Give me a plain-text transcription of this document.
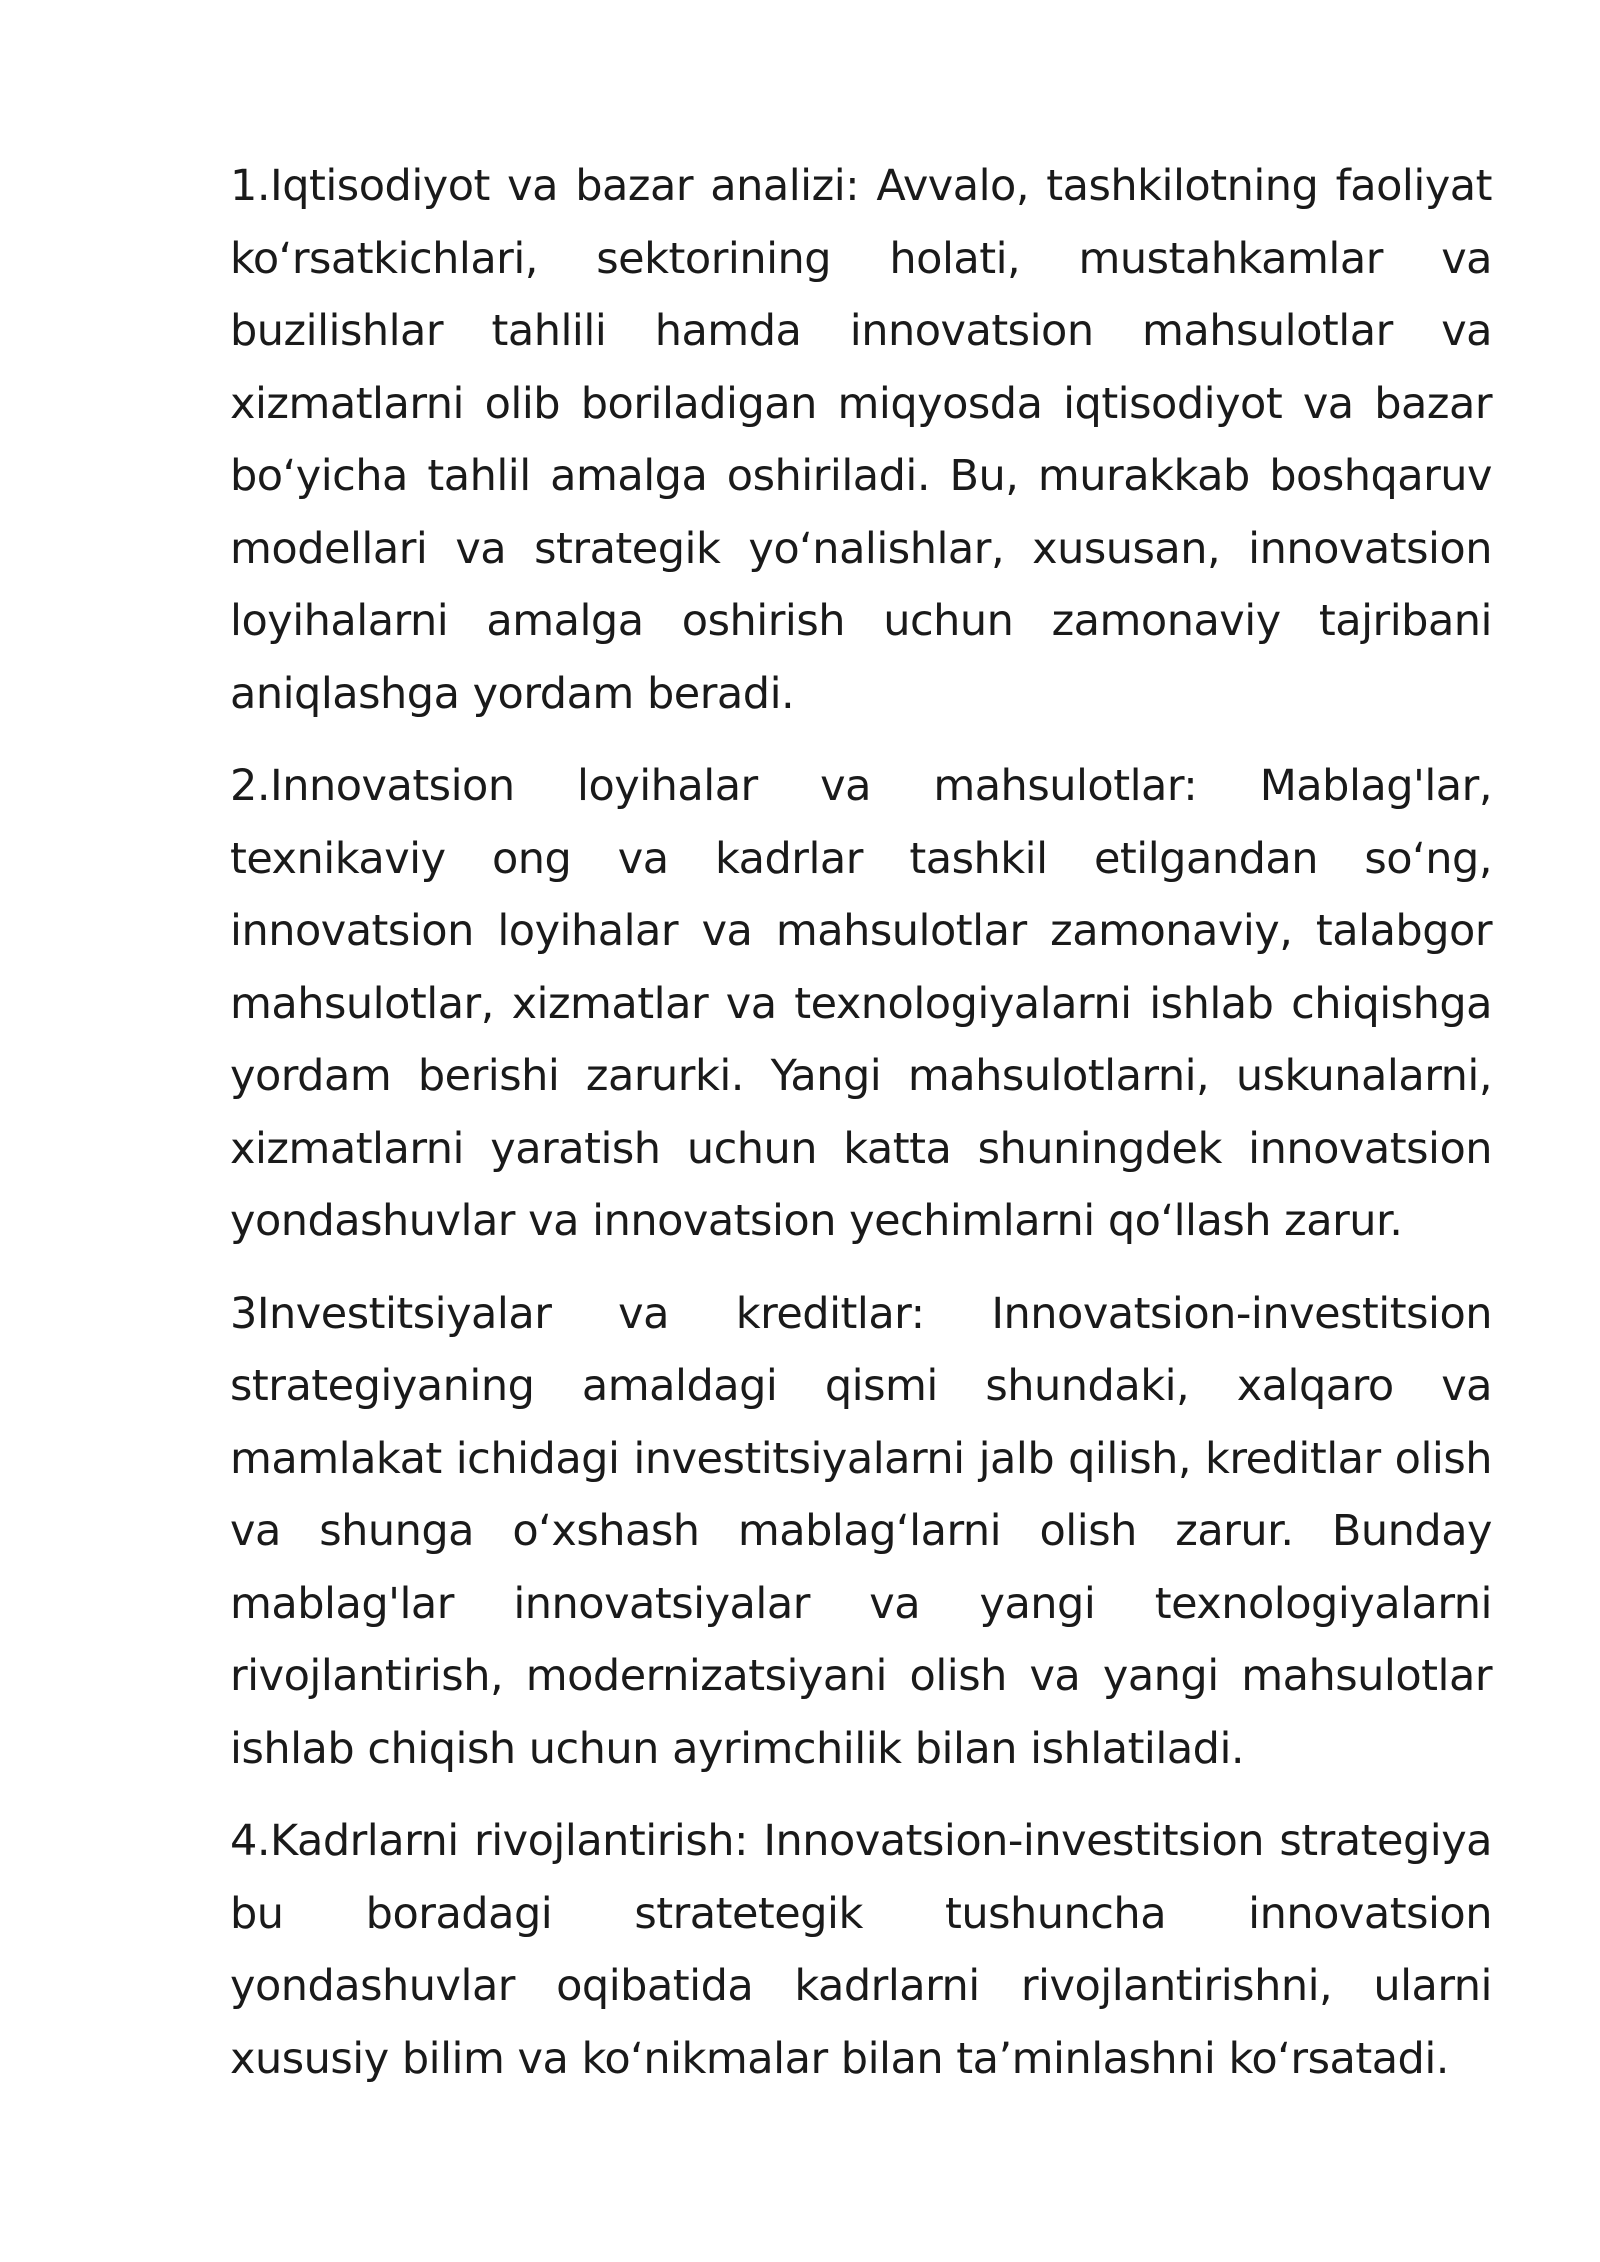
1.Iqtisodiyot va bazar analizi: Avvalo, tashkilotning faoliyat koʻrsatkichlari, sektorining holati, mustahkamlar va buzilishlar tahlili hamda innovatsion mahsulotlar va xizmatlarni olib boriladigan miqyosda iqtisodiyot va bazar boʻyicha tahlil amalga oshiriladi. Bu, murakkab boshqaruv modellari va strategik yoʻnalishlar, xususan, innovatsion loyihalarni amalga oshirish uchun zamonaviy tajribani aniqlashga yordam beradi.

2.Innovatsion loyihalar va mahsulotlar: Mablag'lar, texnikaviy ong va kadrlar tashkil etilgandan soʻng, innovatsion loyihalar va mahsulotlar zamonaviy, talabgor mahsulotlar, xizmatlar va texnologiyalarni ishlab chiqishga yordam berishi zarurki. Yangi mahsulotlarni, uskunalarni, xizmatlarni yaratish uchun katta shuningdek innovatsion yondashuvlar va innovatsion yechimlarni qoʻllash zarur.

3Investitsiyalar va kreditlar: Innovatsion-investitsion strategiyaning amaldagi qismi shundaki, xalqaro va mamlakat ichidagi investitsiyalarni jalb qilish, kreditlar olish va shunga oʻxshash mablagʻlarni olish zarur. Bunday mablag'lar innovatsiyalar va yangi texnologiyalarni rivojlantirish, modernizatsiyani olish va yangi mahsulotlar ishlab chiqish uchun ayrimchilik bilan ishlatiladi.

4.Kadrlarni rivojlantirish: Innovatsion-investitsion strategiya bu boradagi stratetegik tushuncha innovatsion yondashuvlar oqibatida kadrlarni rivojlantirishni, ularni xususiy bilim va koʻnikmalar bilan ta’minlashni koʻrsatadi.
